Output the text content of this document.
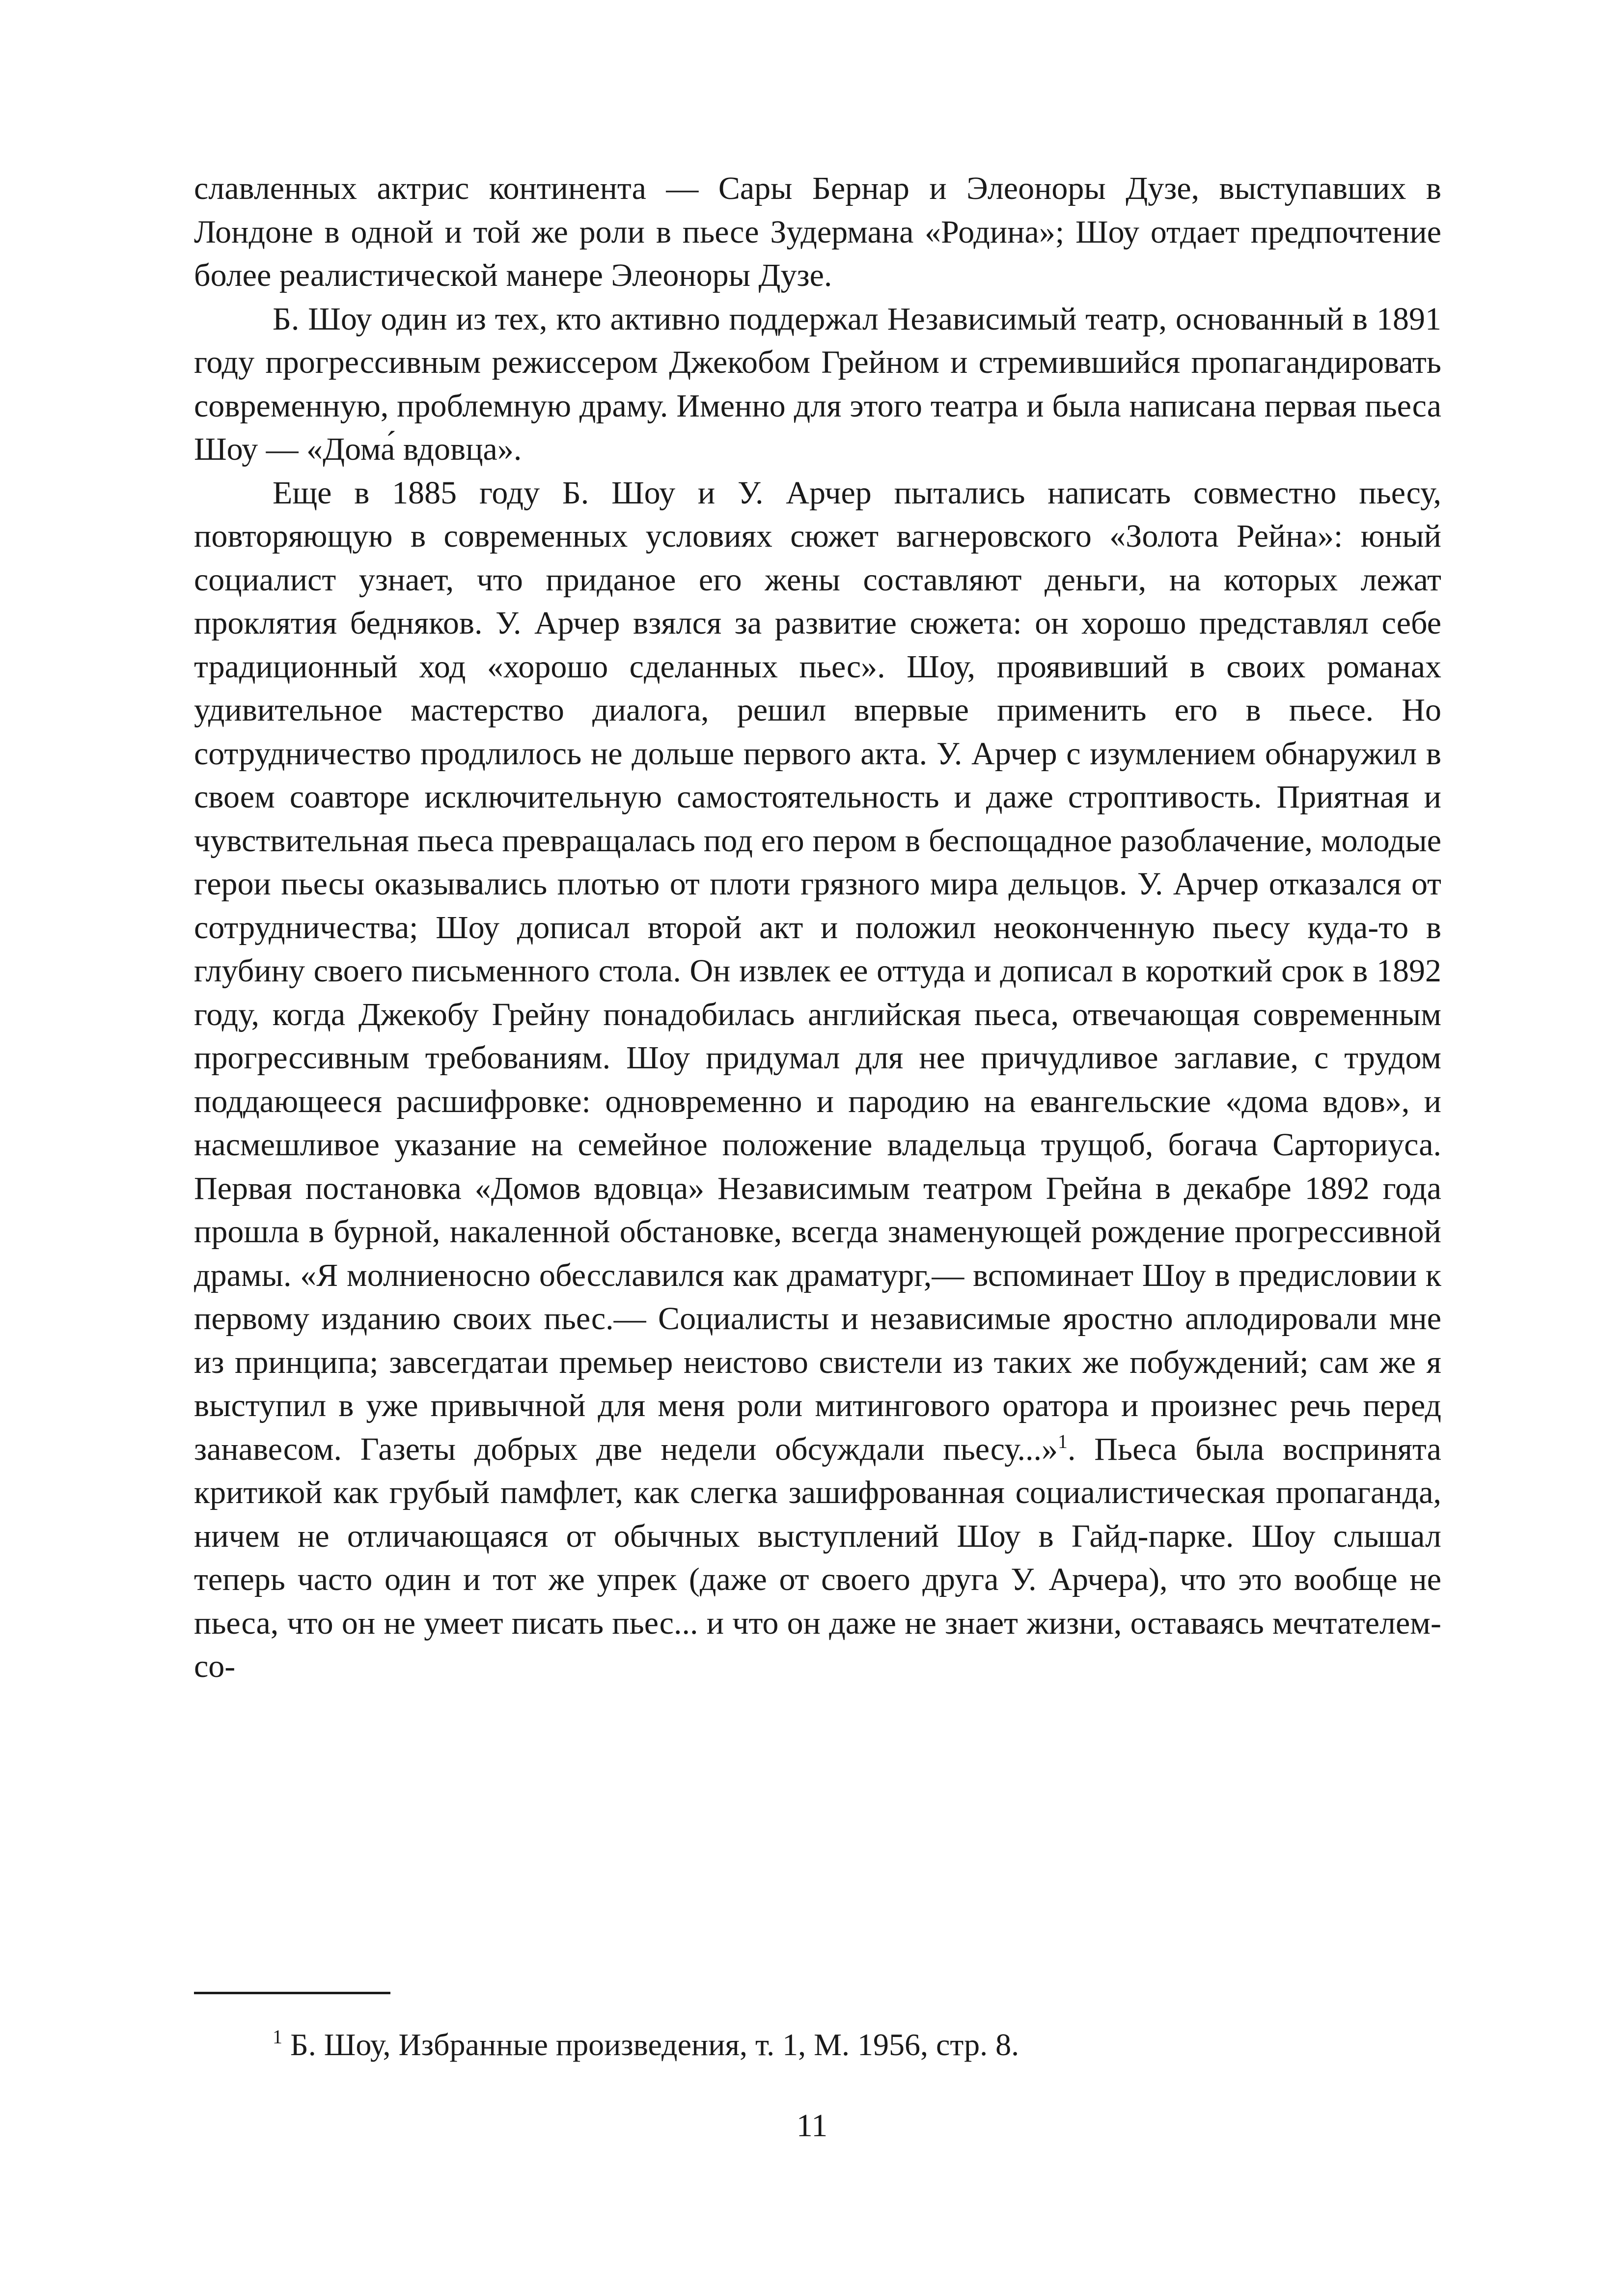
славленных актрис континента — Сары Бернар и Элеоноры Дузе, выступавших в Лондоне в одной и той же роли в пьесе Зудермана «Родина»; Шоу отдает предпочтение более реалистической манере Элеоноры Дузе.

Б. Шоу один из тех, кто активно поддержал Независимый театр, основанный в 1891 году прогрессивным режиссером Джекобом Грейном и стремившийся пропагандировать современную, проблемную драму. Именно для этого театра и была написана первая пьеса Шоу — «Дома́ вдовца».

Еще в 1885 году Б. Шоу и У. Арчер пытались написать совместно пьесу, повторяющую в современных условиях сюжет вагнеровского «Золота Рейна»: юный социалист узнает, что приданое его жены составляют деньги, на которых лежат проклятия бедняков. У. Арчер взялся за развитие сюжета: он хорошо представлял себе традиционный ход «хорошо сделанных пьес». Шоу, проявивший в своих романах удивительное мастерство диалога, решил впервые применить его в пьесе. Но сотрудничество продлилось не дольше первого акта. У. Арчер с изумлением обнаружил в своем соавторе исключительную самостоятельность и даже строптивость. Приятная и чувствительная пьеса превращалась под его пером в беспощадное разоблачение, молодые герои пьесы оказывались плотью от плоти грязного мира дельцов. У. Арчер отказался от сотрудничества; Шоу дописал второй акт и положил неоконченную пьесу куда-то в глубину своего письменного стола. Он извлек ее оттуда и дописал в короткий срок в 1892 году, когда Джекобу Грейну понадобилась английская пьеса, отвечающая современным прогрессивным требованиям. Шоу придумал для нее причудливое заглавие, с трудом поддающееся расшифровке: одновременно и пародию на евангельские «дома вдов», и насмешливое указание на семейное положение владельца трущоб, богача Сарториуса. Первая постановка «Домов вдовца» Независимым театром Грейна в декабре 1892 года прошла в бурной, накаленной обстановке, всегда знаменующей рождение прогрессивной драмы. «Я молниеносно обесславился как драматург,— вспоминает Шоу в предисловии к первому изданию своих пьес.— Социалисты и независимые яростно аплодировали мне из принципа; завсегдатаи премьер неистово свистели из таких же побуждений; сам же я выступил в уже привычной для меня роли митингового оратора и произнес речь перед занавесом. Газеты добрых две недели обсуждали пьесу...»$^1$. Пьеса была воспринята критикой как грубый памфлет, как слегка зашифрованная социалистическая пропаганда, ничем не отличающаяся от обычных выступлений Шоу в Гайд-парке. Шоу слышал теперь часто один и тот же упрек (даже от своего друга У. Арчера), что это вообще не пьеса, что он не умеет писать пьес... и что он даже не знает жизни, оставаясь мечтателем-со-

$^1$ Б. Шоу, Избранные произведения, т. 1, М. 1956, стр. 8.

11
